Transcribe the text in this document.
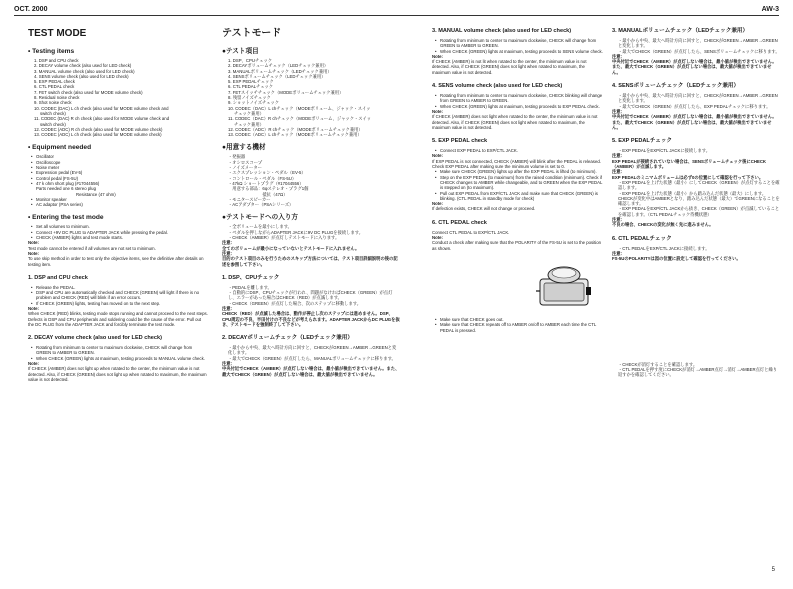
OCT. 2000	AW-3
TEST MODE
• Testing items
1. DSP and CPU check
2. DECAY volume check (also used for LED check)
3. MANUAL volume check (also used for LED check)
4. SENS volume check (also used for LED check)
5. EXP PEDAL check
6. CTL PEDAL check
7. FET switch check (also used for MODE volume check)
8. Residual noise check
9. Shot noise check
10. CODEC (DAC) L ch check (also used for MODE volume check and
switch check)
11. CODEC (DAC) R ch check (also used for MODE volume check and
switch check)
12. CODEC (ADC) R ch check (also used for MODE volume check)
13. CODEC (ADC) L ch check (also used for MODE volume check)
• Equipment needed
• Oscillator
• Oscilloscope
• Noise meter
• Expression pedal (EV-5)
• Control pedal (FS-5U)
• 47 k ohm short plug (#17044556)
Parts needed one 6 stereo plug
Resistance (47 ohm)
• Monitor speaker
• AC adaptor (PSA series)
• Entering the test mode
• Set all volumes to minimum.
• Connect +9V DC PLUG to ADAPTER JACK while pressing the pedal.
• CHECK (AMBER) lights and test mode starts.
Note:
Test mode cannot be entered if all volumes are not set to minimum.
Note:
To use skip method in order to test only the objective items, see the definitive after details on testing item.
1. DSP and CPU check
• Release the PEDAL.
• DSP and CPU are automatically checked and CHECK (GREEN) will light if there is no problem and CHECK (RED) will blink if an error occurs.
• If CHECK (GREEN) lights, testing has moved on to the next step.
Note:
When CHECK (RED) blinks, testing mode stops running and cannot proceed to the next steps. Defects in DSP and CPU peripherals and soldering could be the cause of the error. Pull out the DC PLUG from the ADAPTER JACK and forcibly terminate the test mode.
2. DECAY volume check (also used for LED check)
• Rotating from minimum to center to maximum clockwise, CHECK will change from GREEN to AMBER to GREEN.
• When CHECK (GREEN) lights at maximum, testing proceeds to MANUAL volume check.
Note:
If CHECK (AMBER) does not light up when rotated to the center, the minimum value is not detected. Also, if CHECK (GREEN) does not light up when rotated to maximum, the maximum value is not detected.
テストモード
●テスト項目
1. DSP、CPUチェック
2. DECAYボリュームチェック（LEDチェック兼用）
3. MANUALボリュームチェック（LEDチェック兼用）
4. SENSボリュームチェック（LEDチェック兼用）
5. EXP PEDALチェック
6. CTL PEDALチェック
7. FETスイッチチェック（MODEボリュームチェック兼用）
8. 残留ノイズチェック
9. ショットノイズチェック
10. CODEC（DAC）L chチェック（MODEボリューム、ジャック・スイッ
チェック兼用）
11. CODEC（DAC）R chチェック（MODEボリューム、ジャック・スイッ
チェック兼用）
12. CODEC（ADC）R chチェック（MODEボリュームチェック兼用）
13. CODEC（ADC）L chチェック（MODEボリュームチェック兼用）
●用意する機材
・発振器
・オシロスコープ
・ノイズメーター
・エクスプレッション・ペダル（EV-5）
・コントロール・ペダル（FS-5U）
・47kΩ ショートプラグ（#17044556）
　用意する部品：6φステレオ・プラグ1個
　　　　　　　　抵抗（47Ω）
・モニタースピーカー
・ACアダプター（PSAシリーズ）
●テストモードへの入り方
・全ボリュームを最小にします。
・ペダルを押しながらADAPTER JACKに9V DC PLUGを接続します。
・CHECK（AMBER）が点灯しテストモードに入ります。
注意：
全てのボリュームが最小になっていないとテストモードに入れません。
注意：
目的のテスト項目のみを行うためのスキップ方法については、テスト項目詳細説明の後の記述を参照して下さい。
1. DSP、CPUチェック
・PEDALを離します。
・自動的にDSP、CPUチェックが行われ、問題がなければCHECK（GREEN）が点灯し、エラーがあった場合はCHECK（RED）が点滅します。
・CHECK（GREEN）が点灯した場合、次のステップに移動します。
注意：
CHECK（RED）が点滅した場合は、動作が停止し次のステップには進めません。DSP、CPU周辺の不良、半田付けの不良などが考えられます。ADAPTER JACKからDC PLUGを抜き、テストモードを強制終了して下さい。
2. DECAYボリュームチェック（LEDチェック兼用）
・最小から中央、最大へ時計方向に回すと、CHECKがGREEN→AMBER→GREENと変化します。
・最大でCHECK（GREEN）が点灯したら、MANUALボリュームチェックに移ります。
注意：
中央付近でCHECK（AMBER）が点灯しない場合は、最小値が検出できていません。また、最大でCHECK（GREEN）が点灯しない場合は、最大値が検出できていません。
3. MANUAL volume check (also used for LED check)
• Rotating from minimum to center to maximum clockwise, CHECK will change from GREEN to AMBER to GREEN.
• When CHECK (GREEN) lights at maximum, testing proceeds to SENS volume check.
Note:
If CHECK (AMBER) is not lit when rotated to the center, the minimum value is not detected. Also, if CHECK (GREEN) does not light when rotated to maximum, the maximum value is not detected.
4. SENS volume check (also used for LED check)
• Rotating from minimum to center to maximum clockwise, CHECK blinking will change from GREEN to AMBER to GREEN.
• When CHECK (GREEN) lights at maximum, testing proceeds to EXP PEDAL check.
Note:
If CHECK (AMBER) does not light when rotated to the center, the minimum value is not detected. Also, if CHECK (GREEN) does not light when rotated to maximum, the maximum value is not detected.
5. EXP PEDAL check
• Connect EXP PEDAL to EXP/CTL JACK.
Note:
If EXP PEDAL is not connected, CHECK (AMBER) will blink after the PEDAL is released.
Check EXP PEDAL after making sure the minimum volume is set to 0.
• Make sure CHECK (GREEN) lights up after the EXP PEDAL is lifted (to minimum).
• Step on the EXP PEDAL (to maximum) from the raised condition (minimum). Check if CHECK changes to AMBER while changeable, and to GREEN when the EXP PEDAL is stepped on (to maximum).
• Pull out EXP PEDAL from EXP/CTL JACK and make sure that CHECK (GREEN) is blinking. (CTL PEDAL in standby mode for check)
Note:
If defection exists, CHECK will not change or proceed.
6. CTL PEDAL check
Connect CTL PEDAL to EXP/CTL JACK.
Note:
Conduct a check after making sure that the POLARITY of the FS-5U is set to the position as shown.
• Make sure that CHECK goes out.
• Make sure that CHECK repeats off to AMBER on/off to AMBER each time the CTL PEDAL is pressed.
3. MANUALボリュームチェック（LEDチェック兼用）
・最小から中央、最大へ時計方向に回すと、CHECKがGREEN→AMBER→GREENと変化します。
・最大でCHECK（GREEN）が点灯したら、SENSボリュームチェックに移ります。
注意：
中央付近でCHECK（AMBER）が点灯しない場合は、最小値が検出できていません。また、最大でCHECK（GREEN）が点灯しない場合は、最大値が検出できていません。
4. SENSボリュームチェック（LEDチェック兼用）
・最小から中央、最大へ時計方向に回すと、CHECKがGREEN→AMBER→GREENと変化します。
・最大でCHECK（GREEN）が点灯したら、EXP PEDALチェックに移ります。
注意：
中央付近でCHECK（AMBER）が点灯しない場合は、最小値が検出できていません。また、最大でCHECK（GREEN）が点灯しない場合は、最大値が検出できていません。
5. EXP PEDALチェック
・EXP PEDALをEXP/CTL JACKに接続します。
注意：
EXP PEDALが接続されていない場合は、SENSボリュームチェック後にCHECK（AMBER）が点滅します。
注意：
EXP PEDALのミニマムボリュームは必ず0の位置にして確認を行って下さい。
・EXP PEDALを上げた状態（最小）にしてCHECK（GREEN）が点灯することを確認します。
・EXP PEDALを上げた状態（最小）から踏み込んだ状態（最大）にします。CHECKが変化中はAMBERとなり、踏み込んだ状態（最大）でGREENになることを確認します。
・EXP PEDALをEXP/CTL JACKから抜き、CHECK（GREEN）が点滅していることを確認します。（CTL PEDALチェック待機状態）
注意：
不良の場合、CHECKの変化が無く先に進みません。
6. CTL PEDALチェック
・CTL PEDALをEXP/CTL JACKに接続します。
注意：
FS-5UのPOLARITYは図の位置に設定して確認を行ってください。
・CHECKが消灯することを確認します。
・CTL PEDALを押す度にCHECKが消灯→AMBER点灯→消灯→AMBER点灯と繰り返すかを確認してください。
5
